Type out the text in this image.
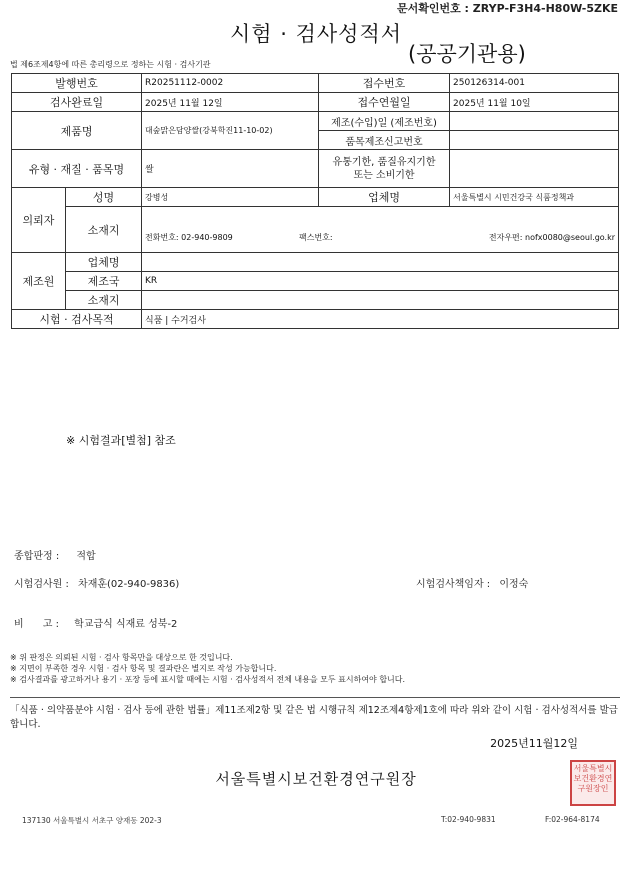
문서확인번호 : ZRYP-F3H4-H80W-5ZKE
시험 · 검사성적서
(공공기관용)
법 제6조제4항에 따른 총리령으로 정하는 시험 · 검사기관
발행번호		R20251112-0002	접수번호	250126314-001
검사완료일		2025년 11월 12일	접수연월일	2025년 11월 10일
제품명		대숲맑은담양쌀(강북학진11-10-02)	제조(수입)일 (제조번호)	
			품목제조신고번호	
유형 · 재질 · 품목명		쌀	유통기한, 품질유지기한
또는 소비기한	

의뢰자	성명	강병성	업체명	서울특별시 시민건강국 식품정책과
	소재지	전화번호: 02-940-9809 팩스번호: 전자우편: nofx0080@seoul.go.kr		

제조원	업체명			
	제조국	KR		
	소재지			
시험 · 검사목적		식품 | 수거검사		
※ 시험결과[별첨] 참조
종합판정 : 적합
시험검사원 : 차재훈(02-940-9836)	시험검사책임자 : 이정숙
비      고 : 학교급식 식재료 성북-2
※ 위 판정은 의뢰된 시험 · 검사 항목만을 대상으로 한 것입니다.
※ 지면이 부족한 경우 시험 · 검사 항목 및 결과란은 별지로 작성 가능합니다.
※ 검사결과를 광고하거나 용기 · 포장 등에 표시할 때에는 시험 · 검사성적서 전체 내용을 모두 표시하여야 합니다.
「식품 · 의약품분야 시험 · 검사 등에 관한 법률」제11조제2항 및 같은 법 시행규칙 제12조제4항제1호에 따라 위와 같이 시험 · 검사성적서를 발급합니다.
2025년11월12일
서울특별시보건환경연구원장
서울특별시보건환경연구원장인
137130 서울특별시 서초구 양재동 202-3	T:02-940-9831	F:02-964-8174
